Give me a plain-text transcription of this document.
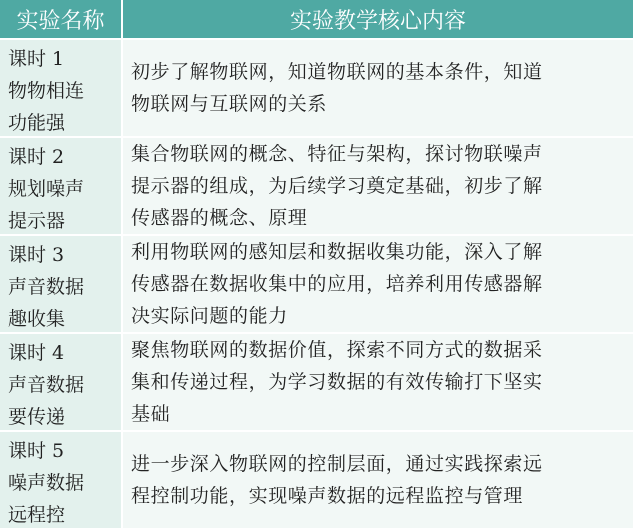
实验名称	实验教学核心内容
课时 1
物物相连
功能强
初步了解物联网，知道物联网的基本条件，知道
物联网与互联网的关系
课时 2
规划噪声
提示器
集合物联网的概念、特征与架构，探讨物联噪声
提示器的组成，为后续学习奠定基础，初步了解
传感器的概念、原理
课时 3
声音数据
趣收集
利用物联网的感知层和数据收集功能，深入了解
传感器在数据收集中的应用，培养利用传感器解
决实际问题的能力
课时 4
声音数据
要传递
聚焦物联网的数据价值，探索不同方式的数据采
集和传递过程，为学习数据的有效传输打下坚实
基础
课时 5
噪声数据
远程控
进一步深入物联网的控制层面，通过实践探索远
程控制功能，实现噪声数据的远程监控与管理
